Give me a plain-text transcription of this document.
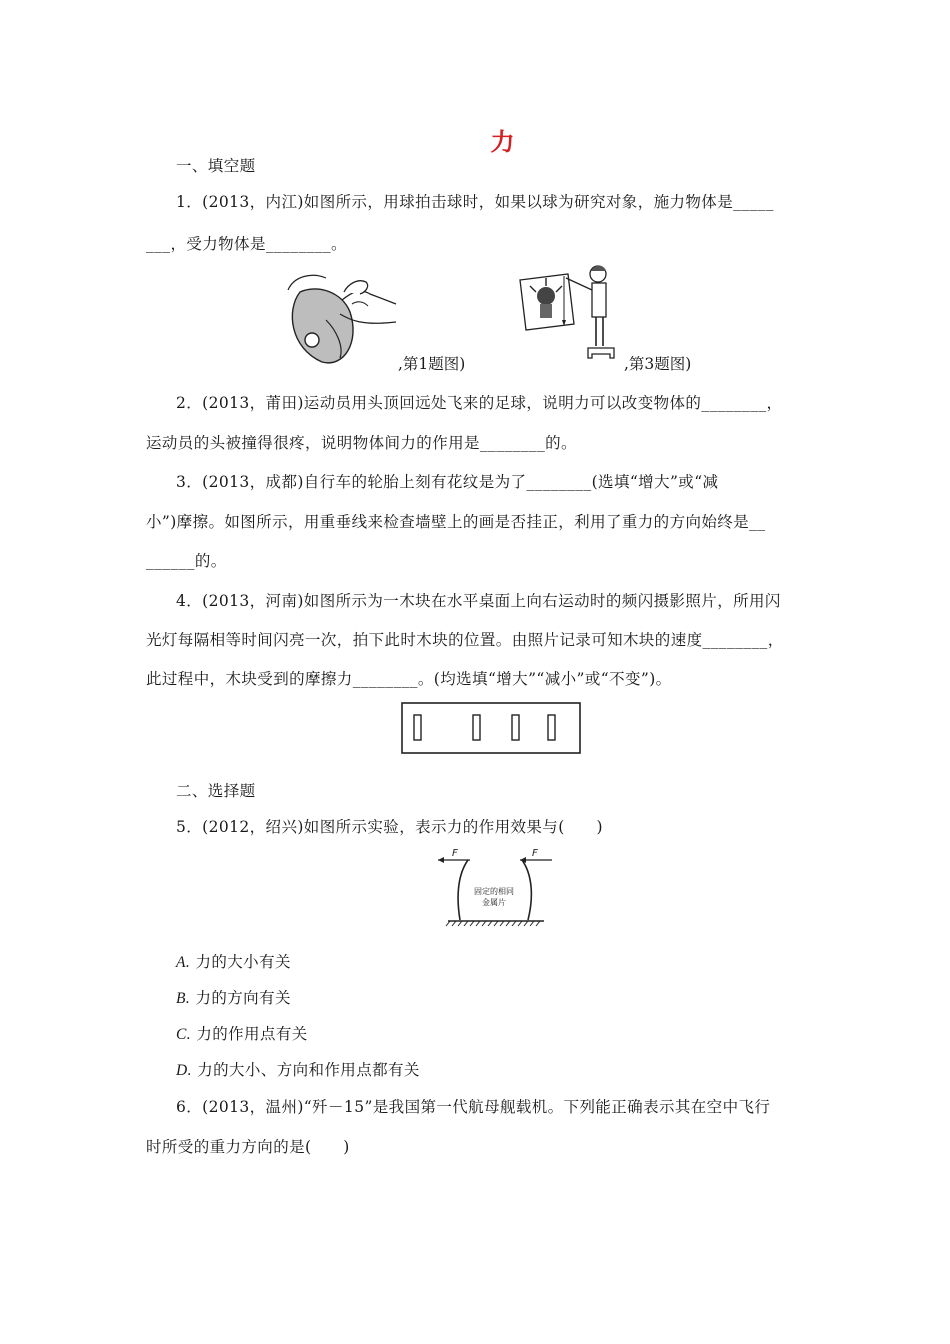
力
一、填空题
1．(2013，内江)如图所示，用球拍击球时，如果以球为研究对象，施力物体是_____
___，受力物体是________。
,第1题图)	,第3题图)
2．(2013，莆田)运动员用头顶回远处飞来的足球，说明力可以改变物体的________，
运动员的头被撞得很疼，说明物体间力的作用是________的。
3．(2013，成都)自行车的轮胎上刻有花纹是为了________(选填“增大”或“减
小”)摩擦。如图所示，用重垂线来检查墙壁上的画是否挂正，利用了重力的方向始终是__
______的。
4．(2013，河南)如图所示为一木块在水平桌面上向右运动时的频闪摄影照片，所用闪
光灯每隔相等时间闪亮一次，拍下此时木块的位置。由照片记录可知木块的速度________，
此过程中，木块受到的摩擦力________。(均选填“增大”“减小”或“不变”)。
二、选择题
5．(2012，绍兴)如图所示实验，表示力的作用效果与(　　)
F	F
固定的相同
金属片
A. 力的大小有关
B. 力的方向有关
C. 力的作用点有关
D. 力的大小、方向和作用点都有关
6．(2013，温州)“歼－15”是我国第一代航母舰载机。下列能正确表示其在空中飞行
时所受的重力方向的是(　　)
